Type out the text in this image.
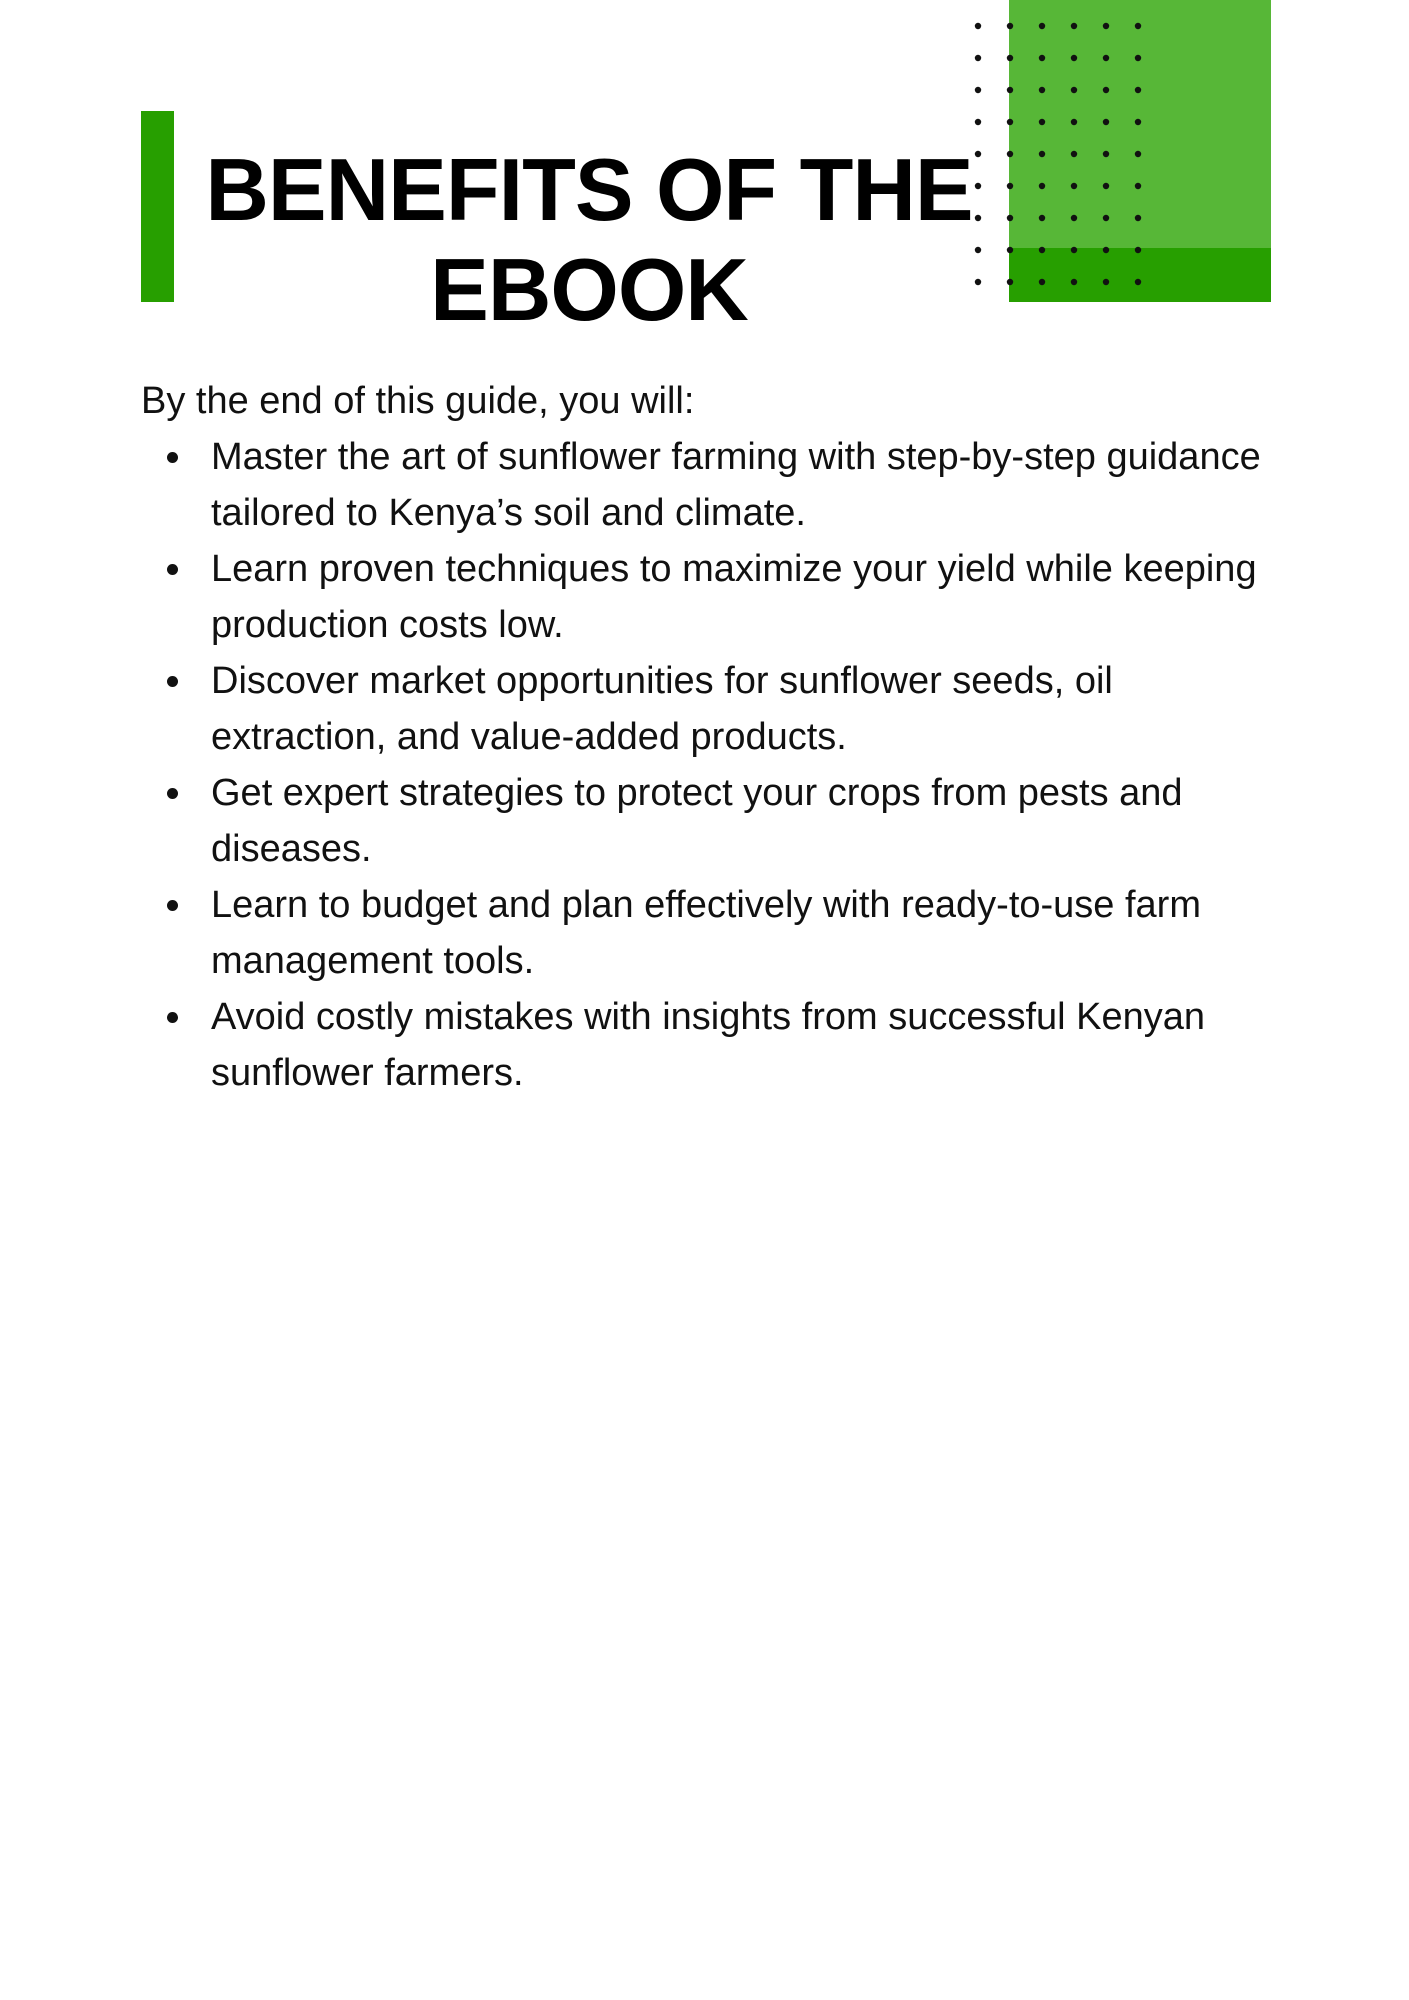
BENEFITS OF THE EBOOK

By the end of this guide, you will:

Master the art of sunflower farming with step-by-step guidance tailored to Kenya’s soil and climate.
Learn proven techniques to maximize your yield while keeping production costs low.
Discover market opportunities for sunflower seeds, oil extraction, and value-added products.
Get expert strategies to protect your crops from pests and diseases.
Learn to budget and plan effectively with ready-to-use farm management tools.
Avoid costly mistakes with insights from successful Kenyan sunflower farmers.
